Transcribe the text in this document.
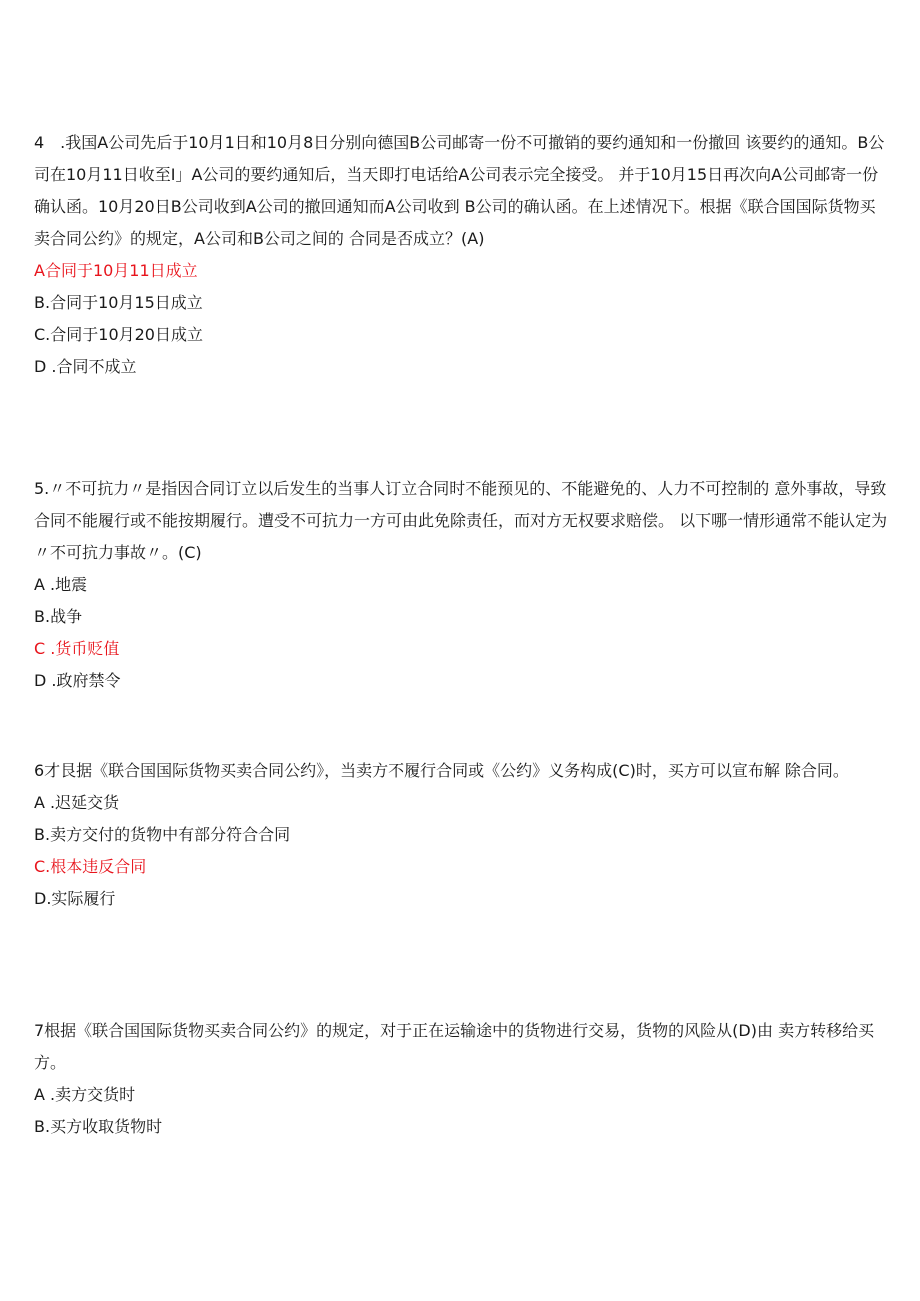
4　.我国A公司先后于10月1日和10月8日分别向德国B公司邮寄一份不可撤销的要约通知和一份撤回 该要约的通知。B公司在10月11日收至I」A公司的要约通知后，当天即打电话给A公司表示完全接受。 并于10月15日再次向A公司邮寄一份确认函。10月20日B公司收到A公司的撤回通知而A公司收到 B公司的确认函。在上述情况下。根据《联合国国际货物买卖合同公约》的规定，A公司和B公司之间的 合同是否成立？(A)

A合同于10月11日成立

B.合同于10月15日成立

C.合同于10月20日成立

D .合同不成立

5.〃不可抗力〃是指因合同订立以后发生的当事人订立合同时不能预见的、不能避免的、人力不可控制的 意外事故，导致合同不能履行或不能按期履行。遭受不可抗力一方可由此免除责任，而对方无权要求赔偿。 以下哪一情形通常不能认定为〃不可抗力事故〃。(C)

A .地震

B.战争

C .货币贬值

D .政府禁令

6才艮据《联合国国际货物买卖合同公约》，当卖方不履行合同或《公约》义务构成(C)时，买方可以宣布解 除合同。

A .迟延交货

B.卖方交付的货物中有部分符合合同

C.根本违反合同

D.实际履行

7根据《联合国国际货物买卖合同公约》的规定，对于正在运输途中的货物进行交易，货物的风险从(D)由 卖方转移给买方。

A .卖方交货时

B.买方收取货物时
